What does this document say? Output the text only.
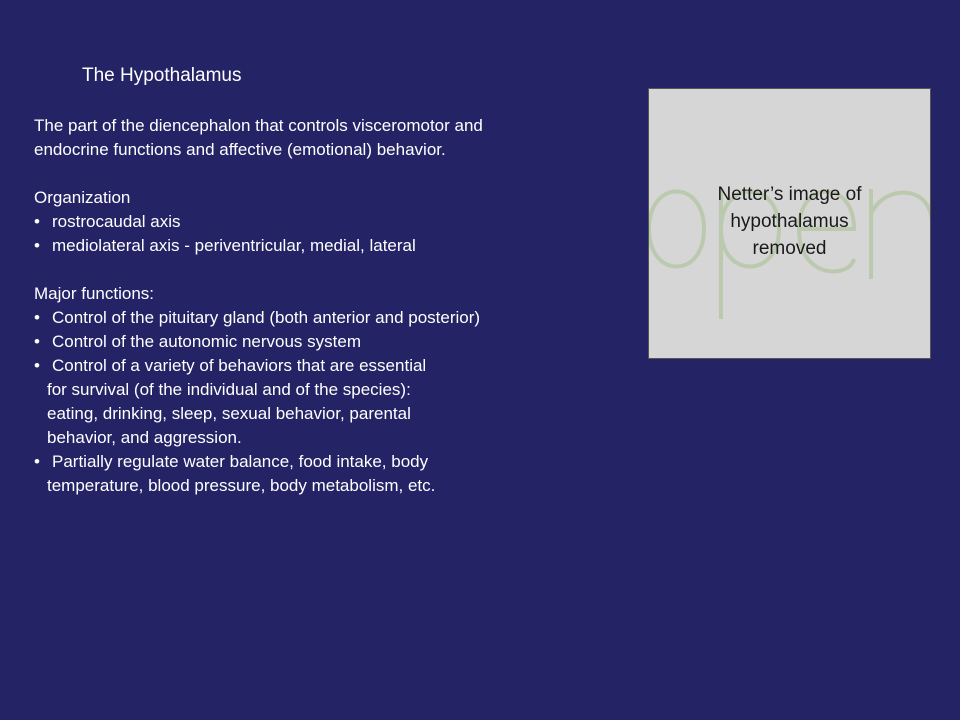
The Hypothalamus
The part of the diencephalon that controls visceromotor and
endocrine functions and affective (emotional) behavior.
Organization
• rostrocaudal axis
• mediolateral axis - periventricular, medial, lateral
Major functions:
• Control of the pituitary gland (both anterior and posterior)
• Control of the autonomic nervous system
• Control of a variety of behaviors that are essential
for survival (of the individual and of the species):
eating, drinking, sleep, sexual behavior, parental
behavior, and aggression.
• Partially regulate water balance, food intake, body
temperature, blood pressure, body metabolism, etc.
Netter’s image of
hypothalamus
removed
